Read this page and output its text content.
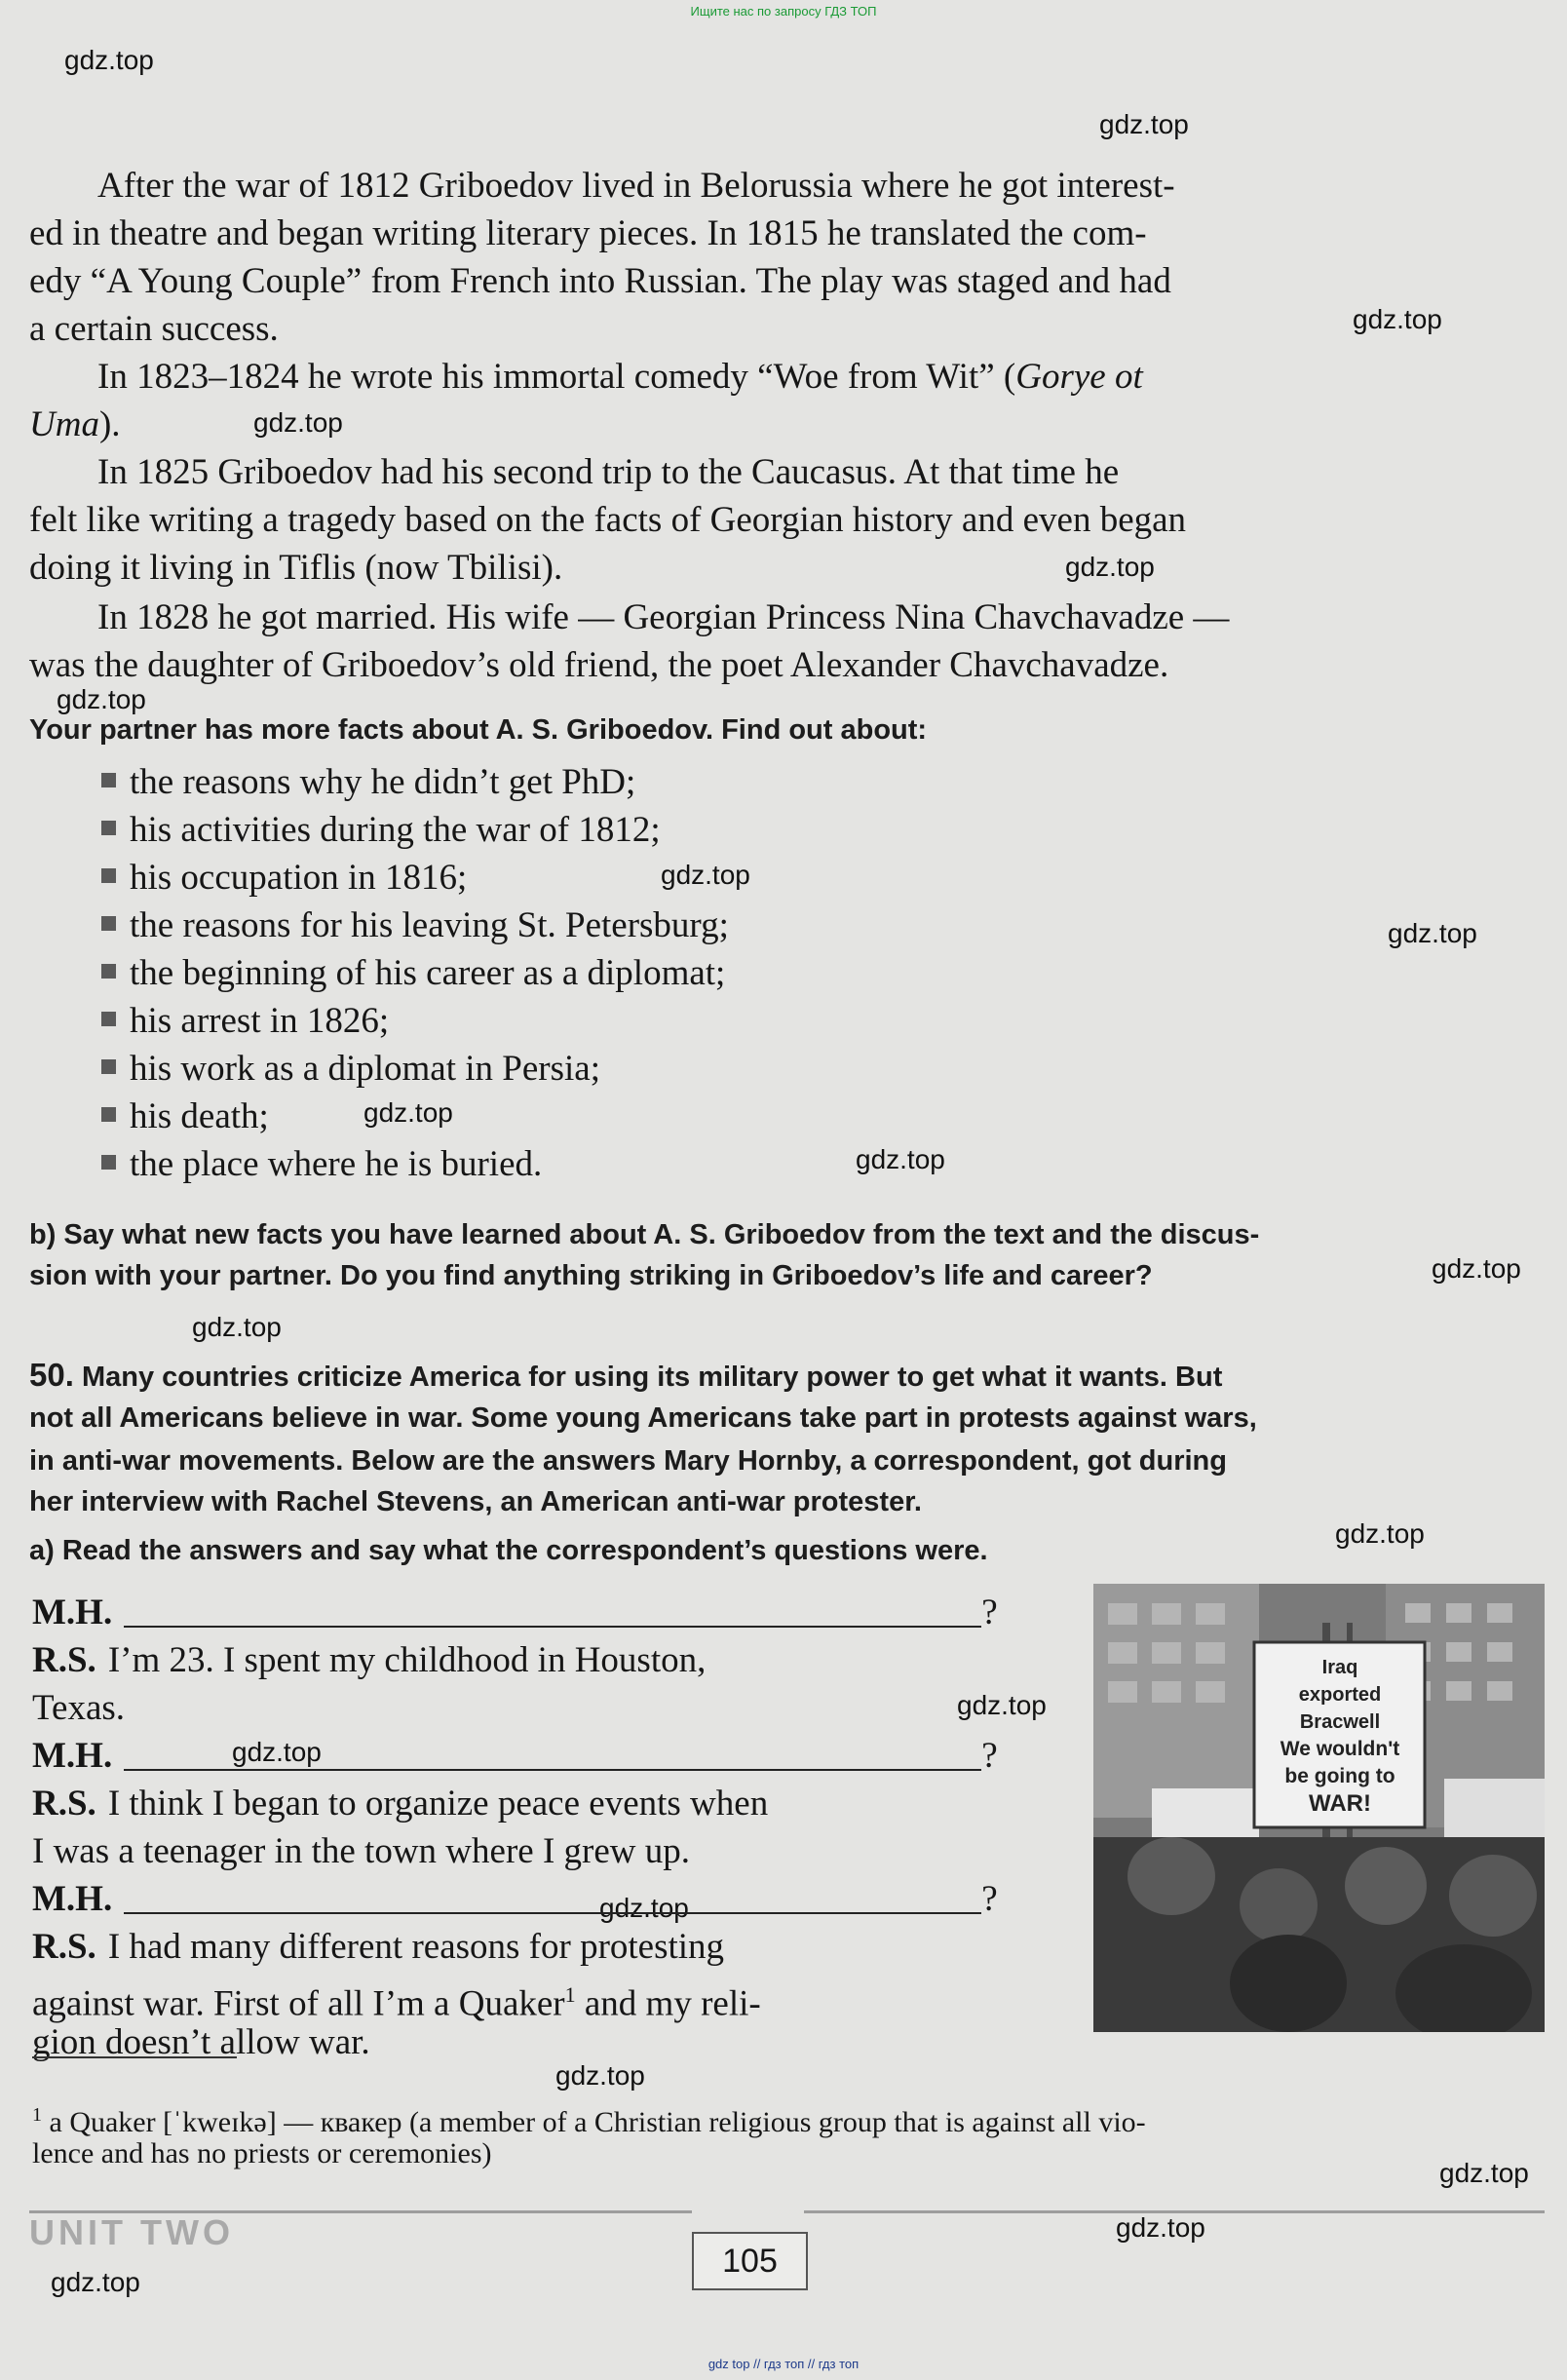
Ищите нас по запросу ГДЗ ТОП
gdz.top
gdz.top
gdz.top
gdz.top
gdz.top
gdz.top
gdz.top
gdz.top
gdz.top
gdz.top
gdz.top
gdz.top
gdz.top
gdz.top
gdz.top
gdz.top
gdz.top
gdz.top
gdz.top
gdz.top
After the war of 1812 Griboedov lived in Belorussia where he got interest-
ed in theatre and began writing literary pieces. In 1815 he translated the com-
edy “A Young Couple” from French into Russian. The play was staged and had
a certain success.
In 1823–1824 he wrote his immortal comedy “Woe from Wit” (Gorye ot
Uma).
In 1825 Griboedov had his second trip to the Caucasus. At that time he
felt like writing a tragedy based on the facts of Georgian history and even began
doing it living in Tiflis (now Tbilisi).
In 1828 he got married. His wife — Georgian Princess Nina Chavchavadze —
was the daughter of Griboedov’s old friend, the poet Alexander Chavchavadze.
Your partner has more facts about A. S. Griboedov. Find out about:
the reasons why he didn’t get PhD;
his activities during the war of 1812;
his occupation in 1816;
the reasons for his leaving St. Petersburg;
the beginning of his career as a diplomat;
his arrest in 1826;
his work as a diplomat in Persia;
his death;
the place where he is buried.
b) Say what new facts you have learned about A. S. Griboedov from the text and the discus-
sion with your partner. Do you find anything striking in Griboedov’s life and career?
50. Many countries criticize America for using its military power to get what it wants. But
not all Americans believe in war. Some young Americans take part in protests against wars,
in anti-war movements. Below are the answers Mary Hornby, a correspondent, got during
her interview with Rachel Stevens, an American anti-war protester.
a) Read the answers and say what the correspondent’s questions were.
M.H.	?
R.S. I’m 23. I spent my childhood in Houston,
Texas.
M.H.	?
R.S. I think I began to organize peace events when
I was a teenager in the town where I grew up.
M.H.	?
R.S. I had many different reasons for protesting
against war. First of all I’m a Quaker$^1$ and my reli-
gion doesn’t allow war.
Iraq
exported
Bracwell
We wouldn't
be going to
WAR!
$^1$ a Quaker [ˈkweɪkə] — квакер (a member of a Christian religious group that is against all vio-
lence and has no priests or ceremonies)
UNIT TWO
105
gdz top // гдз топ // гдз топ
